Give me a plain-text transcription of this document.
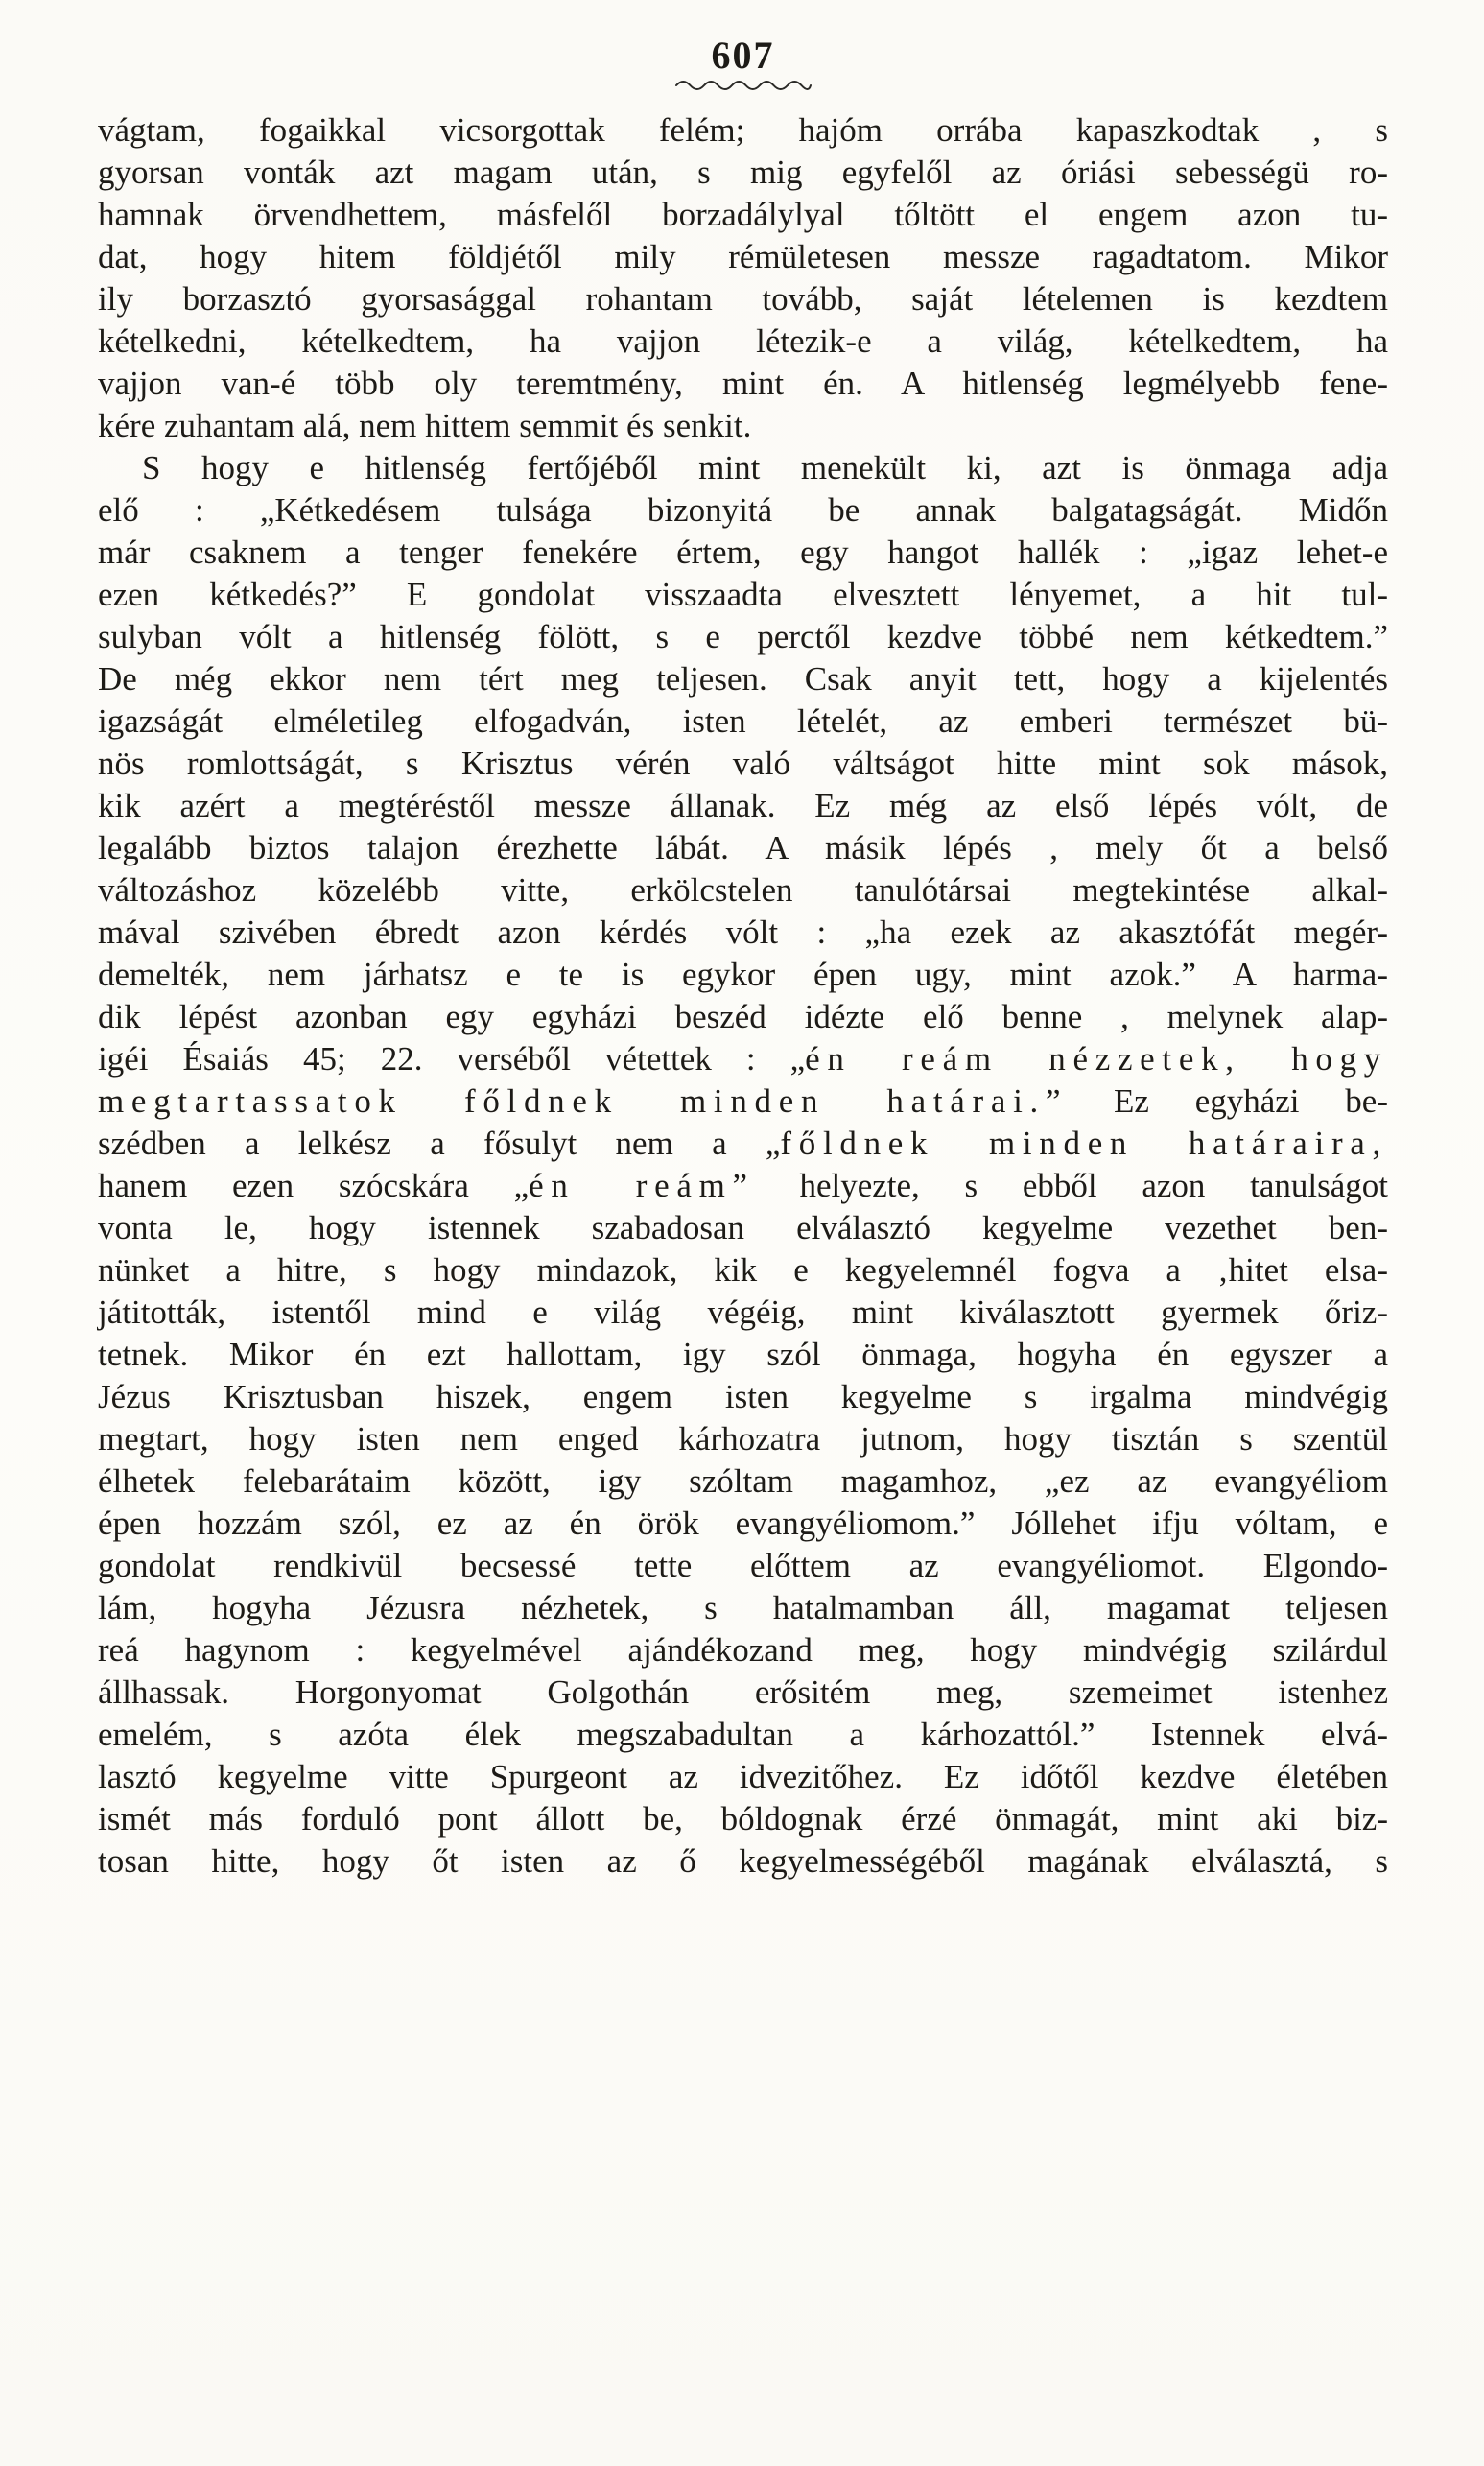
607

vágtam, fogaikkal vicsorgottak felém; hajóm orrába kapaszkodtak , s
gyorsan vonták azt magam után, s mig egyfelől az óriási sebességü ro-
hamnak örvendhettem, másfelől borzadálylyal tőltött el engem azon tu-
dat, hogy hitem földjétől mily rémületesen messze ragadtatom. Mikor
ily borzasztó gyorsasággal rohantam tovább, saját lételemen is kezdtem
kételkedni, kételkedtem, ha vajjon létezik-e a világ, kételkedtem, ha
vajjon van-é több oly teremtmény, mint én. A hitlenség legmélyebb fene-
kére zuhantam alá, nem hittem semmit és senkit.

S hogy e hitlenség fertőjéből mint menekült ki, azt is önmaga adja
elő : „Kétkedésem tulsága bizonyitá be annak balgatagságát. Midőn
már csaknem a tenger fenekére értem, egy hangot hallék : „igaz lehet-e
ezen kétkedés?” E gondolat visszaadta elvesztett lényemet, a hit tul-
sulyban vólt a hitlenség fölött, s e perctől kezdve többé nem kétkedtem.”
De még ekkor nem tért meg teljesen. Csak anyit tett, hogy a kijelentés
igazságát elméletileg elfogadván, isten lételét, az emberi természet bü-
nös romlottságát, s Krisztus vérén való váltságot hitte mint sok mások,
kik azért a megtéréstől messze állanak. Ez még az első lépés vólt, de
legalább biztos talajon érezhette lábát. A másik lépés , mely őt a belső
változáshoz közelébb vitte, erkölcstelen tanulótársai megtekintése alkal-
mával szivében ébredt azon kérdés vólt : „ha ezek az akasztófát megér-
demelték, nem járhatsz e te is egykor épen ugy, mint azok.” A harma-
dik lépést azonban egy egyházi beszéd idézte elő benne , melynek alap-
igéi Ésaiás 45; 22. verséből vétettek : „én reám nézzetek, hogy
megtartassatok főldnek minden határai.” Ez egyházi be-
szédben a lelkész a fősulyt nem a „főldnek minden határaira,
hanem ezen szócskára „én reám” helyezte, s ebből azon tanulságot
vonta le, hogy istennek szabadosan elválasztó kegyelme vezethet ben-
nünket a hitre, s hogy mindazok, kik e kegyelemnél fogva a ‚hitet elsa-
játitották, istentől mind e világ végéig, mint kiválasztott gyermek őriz-
tetnek. Mikor én ezt hallottam, igy szól önmaga, hogyha én egyszer a
Jézus Krisztusban hiszek, engem isten kegyelme s irgalma mindvégig
megtart, hogy isten nem enged kárhozatra jutnom, hogy tisztán s szentül
élhetek felebarátaim között, igy szóltam magamhoz, „ez az evangyéliom
épen hozzám szól, ez az én örök evangyéliomom.” Jóllehet ifju vóltam, e
gondolat rendkivül becsessé tette előttem az evangyéliomot. Elgondo-
lám, hogyha Jézusra nézhetek, s hatalmamban áll, magamat teljesen
reá hagynom : kegyelmével ajándékozand meg, hogy mindvégig szilárdul
állhassak. Horgonyomat Golgothán erősitém meg, szemeimet istenhez
emelém, s azóta élek megszabadultan a kárhozattól.” Istennek elvá-
lasztó kegyelme vitte Spurgeont az idvezitőhez. Ez időtől kezdve életében
ismét más forduló pont állott be, bóldognak érzé önmagát, mint aki biz-
tosan hitte, hogy őt isten az ő kegyelmességéből magának elválasztá, s
